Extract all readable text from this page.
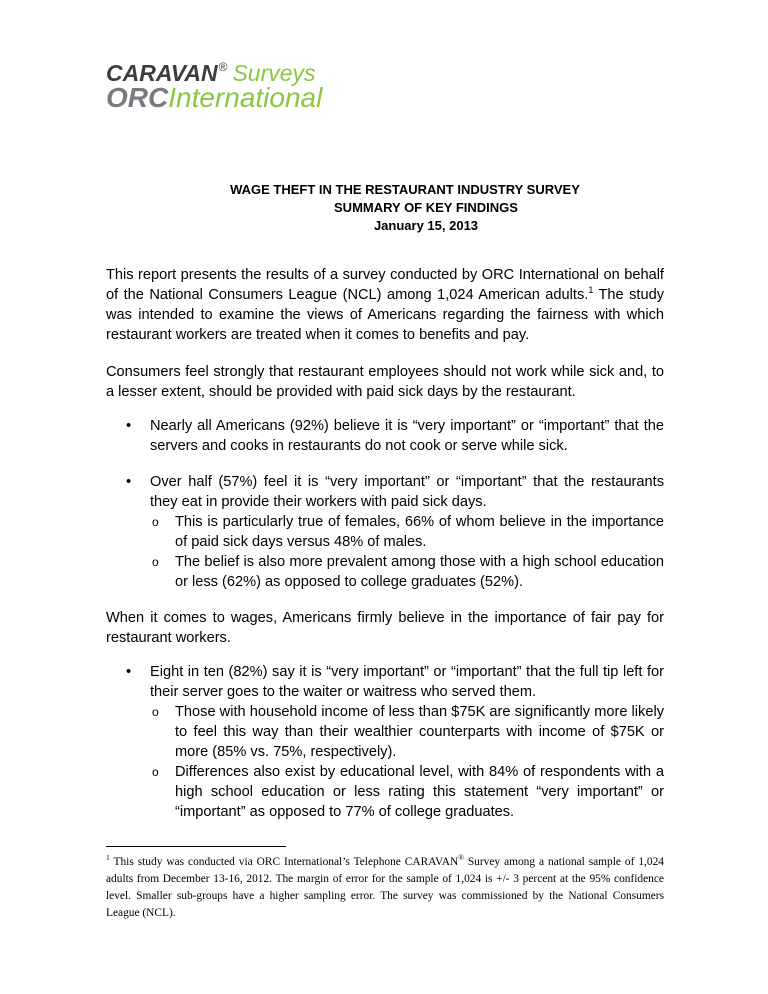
CARAVAN® Surveys
ORCInternational
WAGE THEFT IN THE RESTAURANT INDUSTRY SURVEY
SUMMARY OF KEY FINDINGS
January 15, 2013

This report presents the results of a survey conducted by ORC International on behalf of the National Consumers League (NCL) among 1,024 American adults.$^1$ The study was intended to examine the views of Americans regarding the fairness with which restaurant workers are treated when it comes to benefits and pay.

Consumers feel strongly that restaurant employees should not work while sick and, to a lesser extent, should be provided with paid sick days by the restaurant.

• Nearly all Americans (92%) believe it is “very important” or “important” that the servers and cooks in restaurants do not cook or serve while sick.
• Over half (57%) feel it is “very important” or “important” that the restaurants they eat in provide their workers with paid sick days.
o This is particularly true of females, 66% of whom believe in the importance of paid sick days versus 48% of males.
o The belief is also more prevalent among those with a high school education or less (62%) as opposed to college graduates (52%).

When it comes to wages, Americans firmly believe in the importance of fair pay for restaurant workers.

• Eight in ten (82%) say it is “very important” or “important” that the full tip left for their server goes to the waiter or waitress who served them.
o Those with household income of less than $75K are significantly more likely to feel this way than their wealthier counterparts with income of $75K or more (85% vs. 75%, respectively).
o Differences also exist by educational level, with 84% of respondents with a high school education or less rating this statement “very important” or “important” as opposed to 77% of college graduates.
$^1$ This study was conducted via ORC International’s Telephone CARAVAN® Survey among a national sample of 1,024 adults from December 13-16, 2012. The margin of error for the sample of 1,024 is +/- 3 percent at the 95% confidence level. Smaller sub-groups have a higher sampling error. The survey was commissioned by the National Consumers League (NCL).
